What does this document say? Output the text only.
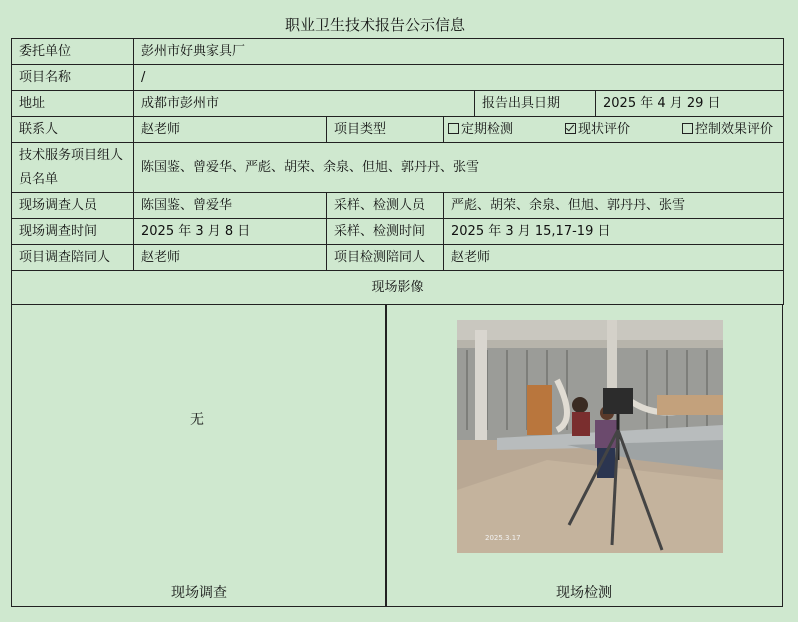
职业卫生技术报告公示信息
委托单位	彭州市好典家具厂				
项目名称	/				
地址	成都市彭州市			报告出具日期	2025 年 4 月 29 日
联系人	赵老师	项目类型	定期检测 现状评价 控制效果评价		
技术服务项目组人员名单	陈国鉴、曾爱华、严彪、胡荣、余泉、但旭、郭丹丹、张雪				
现场调查人员	陈国鉴、曾爱华	采样、检测人员	严彪、胡荣、余泉、但旭、郭丹丹、张雪		
现场调查时间	2025 年 3 月 8 日	采样、检测时间	2025 年 3 月 15,17-19 日		
项目调查陪同人	赵老师	项目检测陪同人	赵老师		
现场影像					
无
现场调查
2025.3.17
现场检测
